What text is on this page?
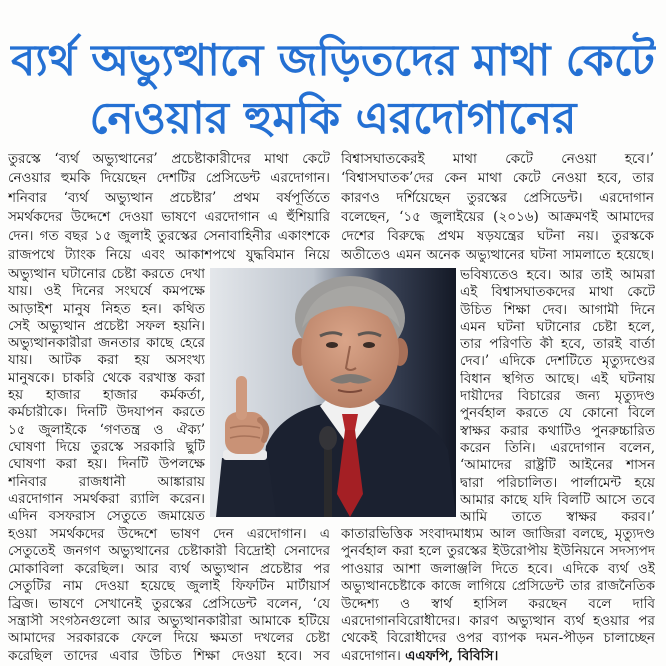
ব্যর্থ অভ্যুত্থানে জড়িতদের মাথা কেটে
নেওয়ার হুমকি এরদোগানের
তুরস্কে ‘ব্যর্থ অভ্যুত্থানের’ প্রচেষ্টাকারীদের মাথা কেটে
নেওয়ার হুমকি দিয়েছেন দেশটির প্রেসিডেন্ট এরদোগান।
শনিবার ‘ব্যর্থ অভ্যুত্থান প্রচেষ্টার’ প্রথম বর্ষপূর্তিতে
সমর্থকদের উদ্দেশে দেওয়া ভাষণে এরদোগান এ হুঁশিয়ারি
দেন। গত বছর ১৫ জুলাই তুরস্কের সেনাবাহিনীর একাংশকে
রাজপথে ট্যাংক নিয়ে এবং আকাশপথে যুদ্ধবিমান নিয়ে
অভ্যুত্থান ঘটানোর চেষ্টা করতে দেখা
যায়। ওই দিনের সংঘর্ষে কমপক্ষে
আড়াইশ মানুষ নিহত হন। কথিত
সেই অভ্যুত্থান প্রচেষ্টা সফল হয়নি।
অভ্যুত্থানকারীরা জনতার কাছে হেরে
যায়। আটক করা হয় অসংখ্য
মানুষকে। চাকরি থেকে বরখাস্ত করা
হয় হাজার হাজার কর্মকর্তা,
কর্মচারীকে। দিনটি উদযাপন করতে
১৫ জুলাইকে ‘গণতন্ত্র ও ঐক্য’
ঘোষণা দিয়ে তুরস্কে সরকারি ছুটি
ঘোষণা করা হয়। দিনটি উপলক্ষে
শনিবার রাজধানী আঙ্কারায়
এরদোগান সমর্থকরা র‍্যালি করেন।
এদিন বসফরাস সেতুতে জমায়েত
হওয়া সমর্থকদের উদ্দেশে ভাষণ দেন এরদোগান। এ
সেতুতেই জনগণ অভ্যুত্থানের চেষ্টাকারী বিদ্রোহী সেনাদের
মোকাবিলা করেছিল। আর ব্যর্থ অভ্যুত্থান প্রচেষ্টার পর
সেতুটির নাম দেওয়া হয়েছে জুলাই ফিফটিন মার্টায়ার্স
ব্রিজ। ভাষণে সেখানেই তুরস্কের প্রেসিডেন্ট বলেন, ‘যে
সন্ত্রাসী সংগঠনগুলো আর অভ্যুত্থানকারীরা আমাকে হটিয়ে
আমাদের সরকারকে ফেলে দিয়ে ক্ষমতা দখলের চেষ্টা
করেছিল তাদের এবার উচিত শিক্ষা দেওয়া হবে। সব
বিশ্বাসঘাতকেরই মাথা কেটে নেওয়া হবে।’
‘বিশ্বাসঘাতক’দের কেন মাথা কেটে নেওয়া হবে, তার
কারণও দর্শিয়েছেন তুরস্কের প্রেসিডেন্ট। এরদোগান
বলেছেন, ‘১৫ জুলাইয়ের (২০১৬) আক্রমণই আমাদের
দেশের বিরুদ্ধে প্রথম ষড়যন্ত্রের ঘটনা নয়। তুরস্ককে
অতীতেও এমন অনেক অভ্যুত্থানের ঘটনা সামলাতে হয়েছে।
ভবিষ্যতেও হবে। আর তাই আমরা
এই বিশ্বাসঘাতকদের মাথা কেটে
উচিত শিক্ষা দেব। আগামী দিনে
এমন ঘটনা ঘটানোর চেষ্টা হলে,
তার পরিণতি কী হবে, তারই বার্তা
দেব।’ এদিকে দেশটিতে মৃত্যুদণ্ডের
বিধান স্থগিত আছে। এই ঘটনায়
দায়ীদের বিচারের জন্য মৃত্যুদণ্ড
পুনর্বহাল করতে যে কোনো বিলে
স্বাক্ষর করার কথাটিও পুনরুচ্চারিত
করেন তিনি। এরদোগান বলেন,
‘আমাদের রাষ্ট্রটি আইনের শাসন
দ্বারা পরিচালিত। পার্লামেন্ট হয়ে
আমার কাছে যদি বিলটি আসে তবে
আমি তাতে স্বাক্ষর করব।’
কাতারভিত্তিক সংবাদমাধ্যম আল জাজিরা বলছে, মৃত্যুদণ্ড
পুনর্বহাল করা হলে তুরস্কের ইউরোপীয় ইউনিয়নে সদস্যপদ
পাওয়ার আশা জলাঞ্জলি দিতে হবে। এদিকে ব্যর্থ ওই
অভ্যুত্থানচেষ্টাকে কাজে লাগিয়ে প্রেসিডেন্ট তার রাজনৈতিক
উদ্দেশ্য ও স্বার্থ হাসিল করছেন বলে দাবি
এরদোগানবিরোধীদের। কারণ অভ্যুত্থান ব্যর্থ হওয়ার পর
থেকেই বিরোধীদের ওপর ব্যাপক দমন-পীড়ন চালাচ্ছেন
এরদোগান। এএফপি, বিবিসি।
